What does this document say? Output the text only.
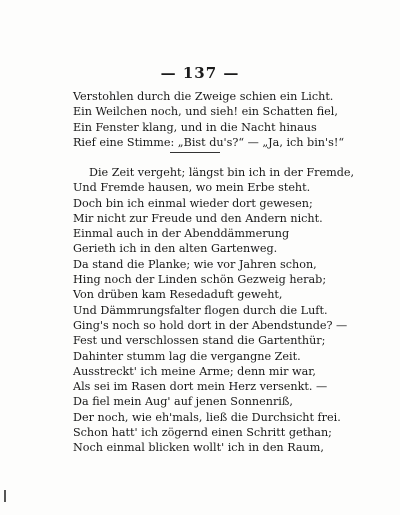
— 137 —
Verstohlen durch die Zweige schien ein Licht.
Ein Weilchen noch, und sieh! ein Schatten fiel,
Ein Fenster klang, und in die Nacht hinaus
Rief eine Stimme: „Bist du's?“ — „Ja, ich bin's!“
Die Zeit vergeht; längst bin ich in der Fremde,
Und Fremde hausen, wo mein Erbe steht.
Doch bin ich einmal wieder dort gewesen;
Mir nicht zur Freude und den Andern nicht.
Einmal auch in der Abenddämmerung
Gerieth ich in den alten Gartenweg.
Da stand die Planke; wie vor Jahren schon,
Hing noch der Linden schön Gezweig herab;
Von drüben kam Resedaduft geweht,
Und Dämmrungsfalter flogen durch die Luft.
Ging's noch so hold dort in der Abendstunde? —
Fest und verschlossen stand die Gartenthür;
Dahinter stumm lag die vergangne Zeit.
Ausstreckt' ich meine Arme; denn mir war,
Als sei im Rasen dort mein Herz versenkt. —
Da fiel mein Aug' auf jenen Sonnenriß,
Der noch, wie eh'mals, ließ die Durchsicht frei.
Schon hatt' ich zögernd einen Schritt gethan;
Noch einmal blicken wollt' ich in den Raum,
